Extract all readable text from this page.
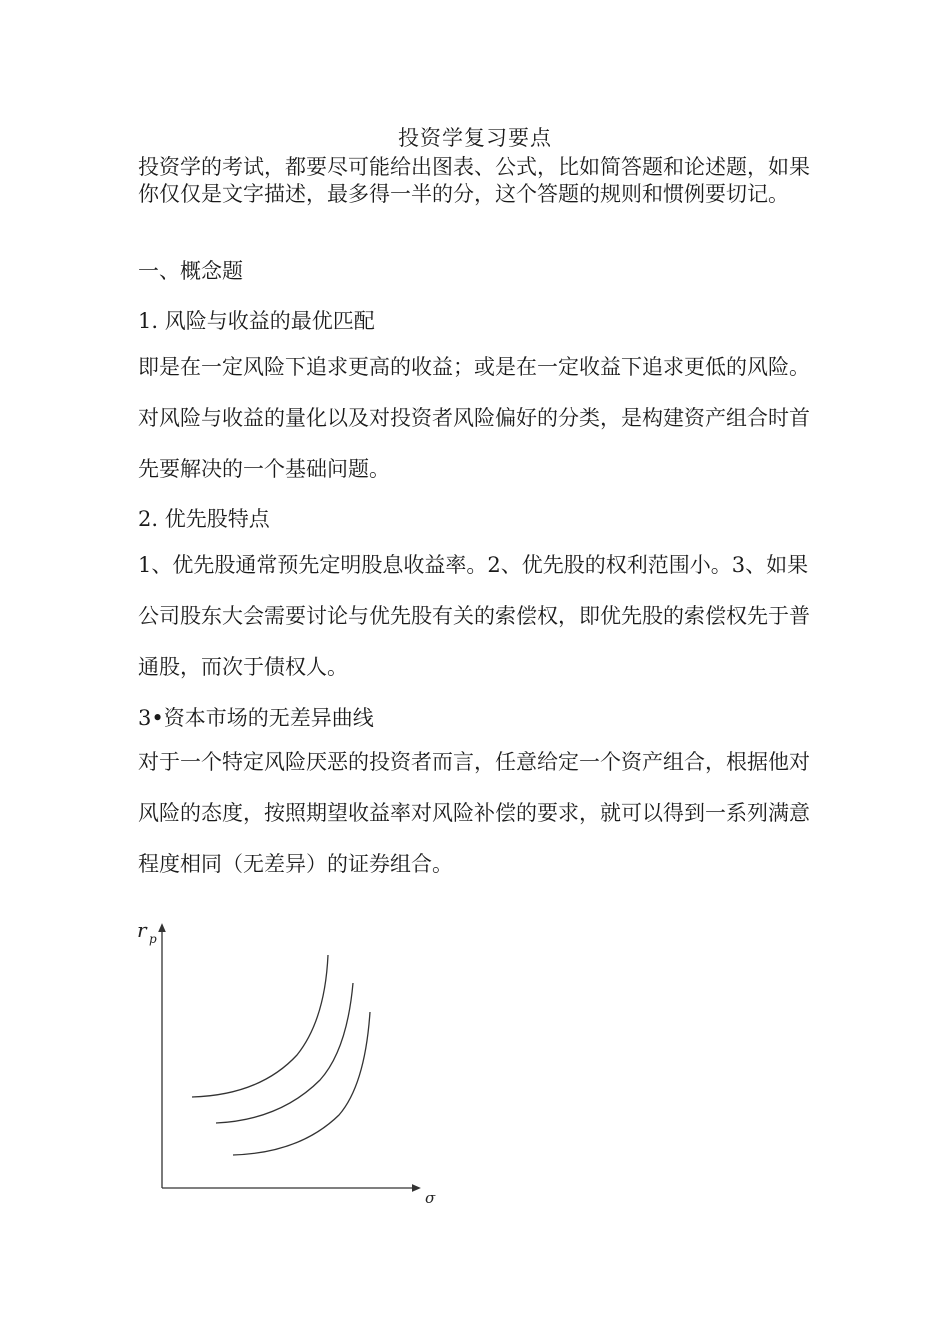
投资学复习要点

投资学的考试，都要尽可能给出图表、公式，比如简答题和论述题，如果你仅仅是文字描述，最多得一半的分，这个答题的规则和惯例要切记。

一、概念题
1. 风险与收益的最优匹配

即是在一定风险下追求更高的收益；或是在一定收益下追求更低的风险。对风险与收益的量化以及对投资者风险偏好的分类，是构建资产组合时首先要解决的一个基础问题。

2. 优先股特点

1、优先股通常预先定明股息收益率。2、优先股的权利范围小。3、如果公司股东大会需要讨论与优先股有关的索偿权，即优先股的索偿权先于普通股，而次于债权人。

3•资本市场的无差异曲线

对于一个特定风险厌恶的投资者而言，任意给定一个资产组合，根据他对风险的态度，按照期望收益率对风险补偿的要求，就可以得到一系列满意程度相同（无差异）的证券组合。

r p
σ
